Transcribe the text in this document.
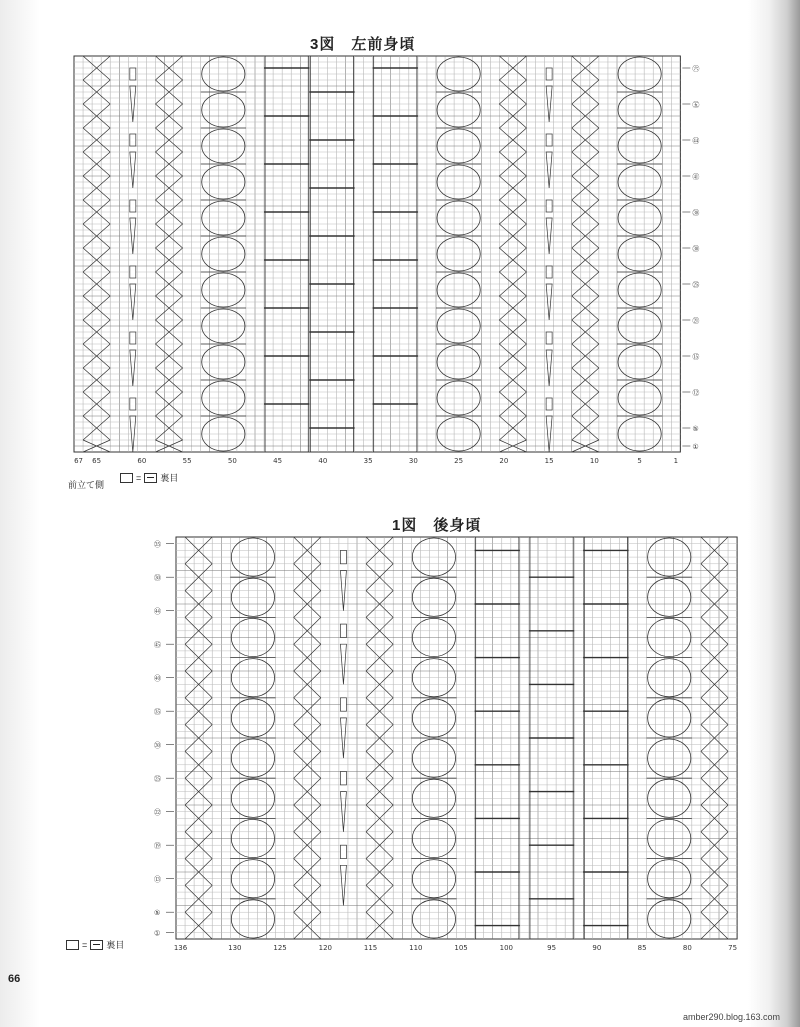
3図　左前身頃
67 65	60	55	50	45	40	35	30	25	20	15	10	5	1
㊅
㊄
㊹
㊶
㊳
㉚
㉕
㉑
⑮
⑫
⑤
①
前立て側
= 裏目
1図　後身頃
136	130	125	120	115	110	105	100	95	90	85	80	75
㉟
㉚
㊹
㊺
㊵
㉟
㉚
㉕
㉒
⑲
⑬
⑤
①
= 裏目
66
amber290.blog.163.com
